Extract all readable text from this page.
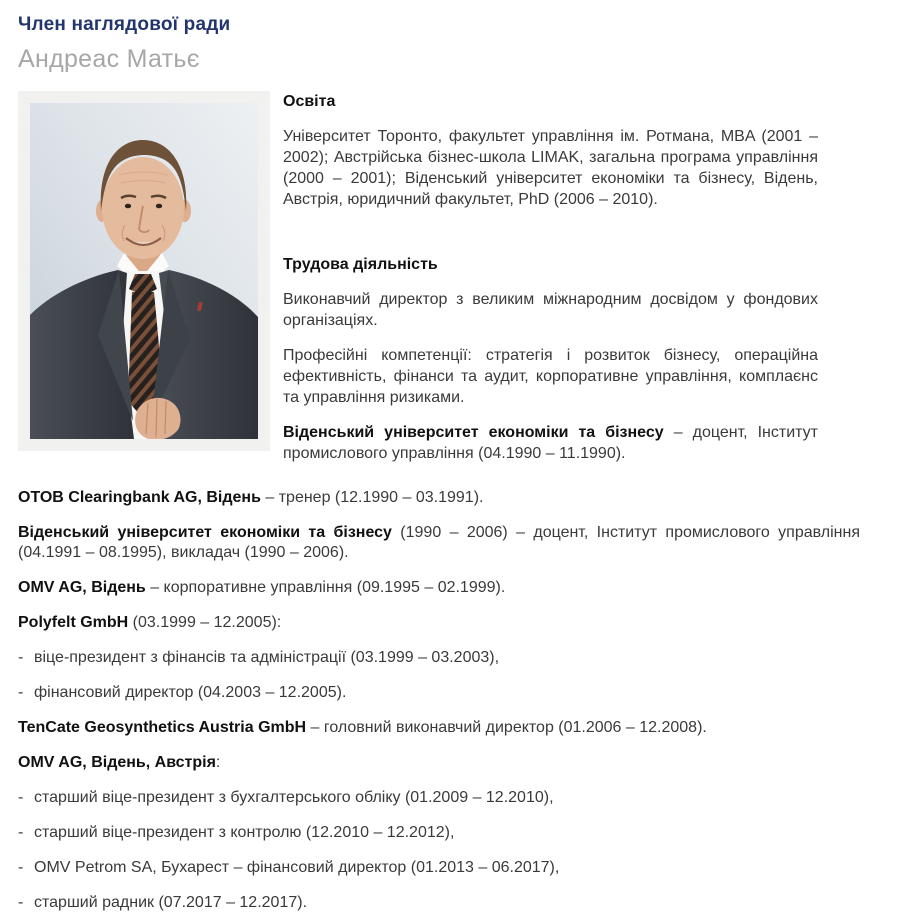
Член наглядової ради
Андреас Матьє

Освіта

Університет Торонто, факультет управління ім. Ротмана, MBA (2001 – 2002); Австрійська бізнес-школа LIMAK, загальна програма управління (2000 – 2001); Віденський університет економіки та бізнесу, Відень, Австрія, юридичний факультет, PhD (2006 – 2010).

Трудова діяльність

Виконавчий директор з великим міжнародним досвідом у фондових організаціях.

Професійні компетенції: стратегія і розвиток бізнесу, операційна ефективність, фінанси та аудит, корпоративне управління, комплаєнс та управління ризиками.

Віденський університет економіки та бізнесу – доцент, Інститут промислового управління (04.1990 – 11.1990).

ОТОВ Clearingbank AG, Відень – тренер (12.1990 – 03.1991).

Віденський університет економіки та бізнесу (1990 – 2006) – доцент, Інститут промислового управління (04.1991 – 08.1995), викладач (1990 – 2006).

OMV AG, Відень – корпоративне управління (09.1995 – 02.1999).

Polyfelt GmbH (03.1999 – 12.2005):

- віце-президент з фінансів та адміністрації (03.1999 – 03.2003),

- фінансовий директор (04.2003 – 12.2005).

TenCate Geosynthetics Austria GmbH – головний виконавчий директор (01.2006 – 12.2008).

OMV AG, Відень, Австрія:

- старший віце-президент з бухгалтерського обліку (01.2009 – 12.2010),

- старший віце-президент з контролю (12.2010 – 12.2012),

- OMV Petrom SA, Бухарест – фінансовий директор (01.2013 – 06.2017),

- старший радник (07.2017 – 12.2017).
